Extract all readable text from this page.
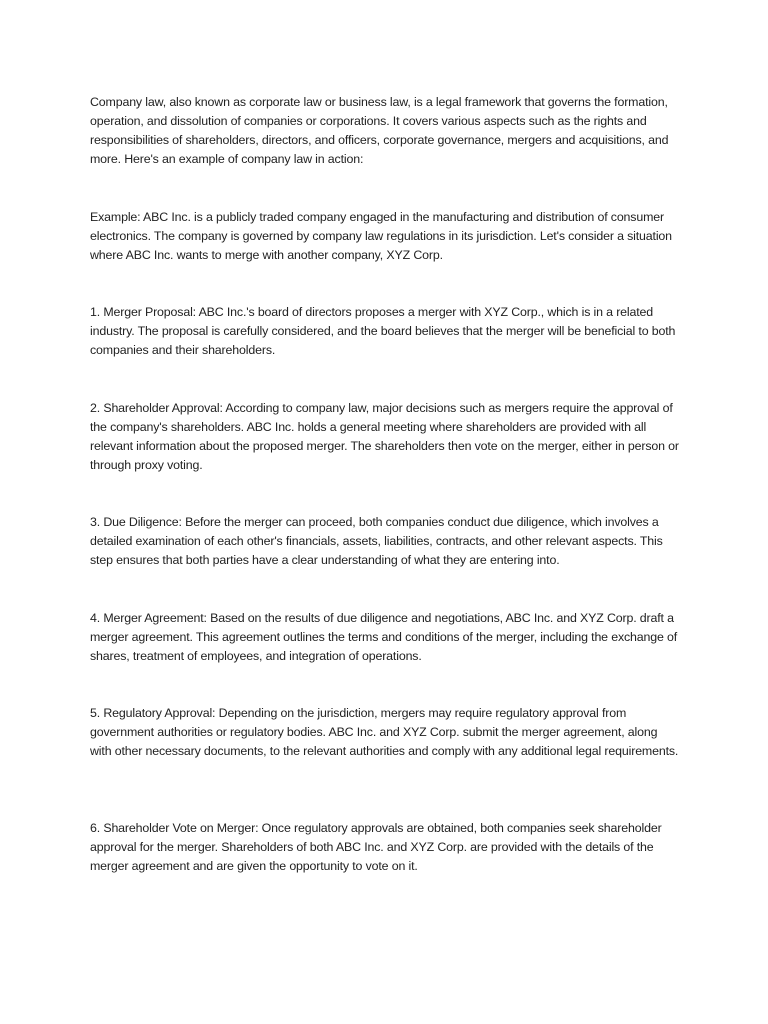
Company law, also known as corporate law or business law, is a legal framework that governs the formation, operation, and dissolution of companies or corporations. It covers various aspects such as the rights and responsibilities of shareholders, directors, and officers, corporate governance, mergers and acquisitions, and more. Here's an example of company law in action:

Example: ABC Inc. is a publicly traded company engaged in the manufacturing and distribution of consumer electronics. The company is governed by company law regulations in its jurisdiction. Let's consider a situation where ABC Inc. wants to merge with another company, XYZ Corp.

1. Merger Proposal: ABC Inc.'s board of directors proposes a merger with XYZ Corp., which is in a related industry. The proposal is carefully considered, and the board believes that the merger will be beneficial to both companies and their shareholders.

2. Shareholder Approval: According to company law, major decisions such as mergers require the approval of the company's shareholders. ABC Inc. holds a general meeting where shareholders are provided with all relevant information about the proposed merger. The shareholders then vote on the merger, either in person or through proxy voting.

3. Due Diligence: Before the merger can proceed, both companies conduct due diligence, which involves a detailed examination of each other's financials, assets, liabilities, contracts, and other relevant aspects. This step ensures that both parties have a clear understanding of what they are entering into.

4. Merger Agreement: Based on the results of due diligence and negotiations, ABC Inc. and XYZ Corp. draft a merger agreement. This agreement outlines the terms and conditions of the merger, including the exchange of shares, treatment of employees, and integration of operations.

5. Regulatory Approval: Depending on the jurisdiction, mergers may require regulatory approval from government authorities or regulatory bodies. ABC Inc. and XYZ Corp. submit the merger agreement, along with other necessary documents, to the relevant authorities and comply with any additional legal requirements.

6. Shareholder Vote on Merger: Once regulatory approvals are obtained, both companies seek shareholder approval for the merger. Shareholders of both ABC Inc. and XYZ Corp. are provided with the details of the merger agreement and are given the opportunity to vote on it.
